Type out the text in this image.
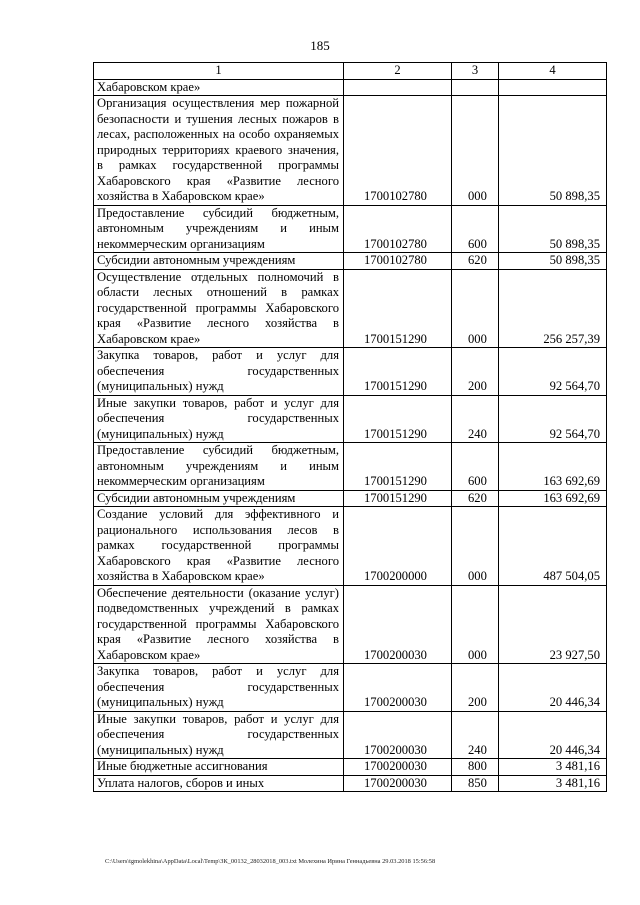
185
1	2	3	4
Хабаровском крае»			
Организация осуществления мер пожарной безопасности и тушения лесных пожаров в лесах, расположенных на особо охраняемых природных территориях краевого значения, в рамках государственной программы Хабаровского края «Развитие лесного хозяйства в Хабаровском крае»	1700102780	000	50 898,35
Предоставление субсидий бюджетным, автономным учреждениям и иным некоммерческим организациям	1700102780	600	50 898,35
Субсидии автономным учреждениям	1700102780	620	50 898,35
Осуществление отдельных полномочий в области лесных отношений в рамках государственной программы Хабаровского края «Развитие лесного хозяйства в Хабаровском крае»	1700151290	000	256 257,39
Закупка товаров, работ и услуг для обеспечения государственных (муниципальных) нужд	1700151290	200	92 564,70
Иные закупки товаров, работ и услуг для обеспечения государственных (муниципальных) нужд	1700151290	240	92 564,70
Предоставление субсидий бюджетным, автономным учреждениям и иным некоммерческим организациям	1700151290	600	163 692,69
Субсидии автономным учреждениям	1700151290	620	163 692,69
Создание условий для эффективного и рационального использования лесов в рамках государственной программы Хабаровского края «Развитие лесного хозяйства в Хабаровском крае»	1700200000	000	487 504,05
Обеспечение деятельности (оказание услуг) подведомственных учреждений в рамках государственной программы Хабаровского края «Развитие лесного хозяйства в Хабаровском крае»	1700200030	000	23 927,50
Закупка товаров, работ и услуг для обеспечения государственных (муниципальных) нужд	1700200030	200	20 446,34
Иные закупки товаров, работ и услуг для обеспечения государственных (муниципальных) нужд	1700200030	240	20 446,34
Иные бюджетные ассигнования	1700200030	800	3 481,16
Уплата налогов, сборов и иных	1700200030	850	3 481,16
C:\Users\tgmolekhina\AppData\Local\Temp\ЗК_00132_28032018_003.txt Молехина Ирина Геннадьевна 29.03.2018 15:56:58
